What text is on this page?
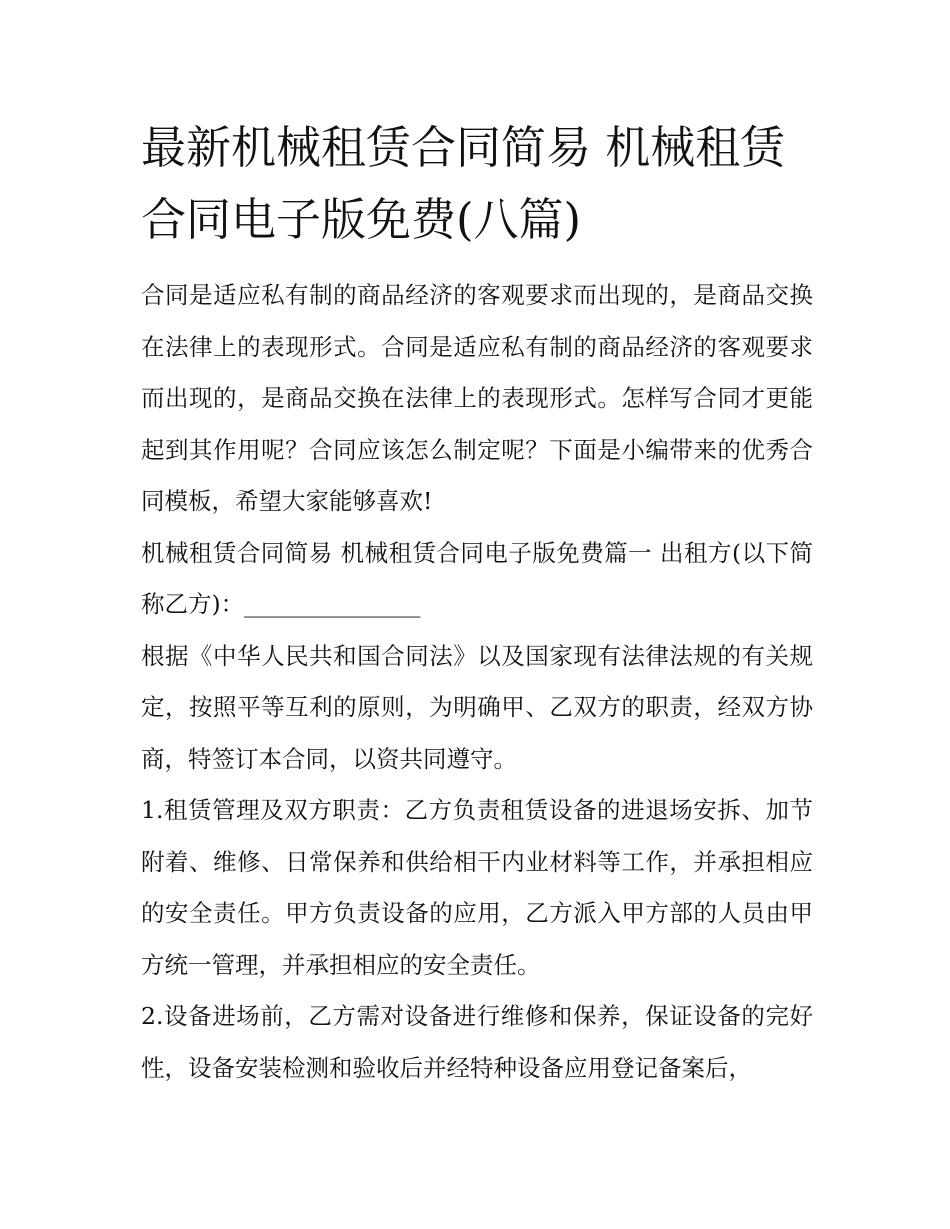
最新机械租赁合同简易 机械租赁合同电子版免费(八篇)

合同是适应私有制的商品经济的客观要求而出现的，是商品交换在法律上的表现形式。合同是适应私有制的商品经济的客观要求而出现的，是商品交换在法律上的表现形式。怎样写合同才更能起到其作用呢？合同应该怎么制定呢？下面是小编带来的优秀合同模板，希望大家能够喜欢!

机械租赁合同简易 机械租赁合同电子版免费篇一 出租方(以下简称乙方)：_______________

根据《中华人民共和国合同法》以及国家现有法律法规的有关规定，按照平等互利的原则，为明确甲、乙双方的职责，经双方协商，特签订本合同，以资共同遵守。

1.租赁管理及双方职责：乙方负责租赁设备的进退场安拆、加节附着、维修、日常保养和供给相干内业材料等工作，并承担相应的安全责任。甲方负责设备的应用，乙方派入甲方部的人员由甲方统一管理，并承担相应的安全责任。

2.设备进场前，乙方需对设备进行维修和保养，保证设备的完好性，设备安装检测和验收后并经特种设备应用登记备案后，
